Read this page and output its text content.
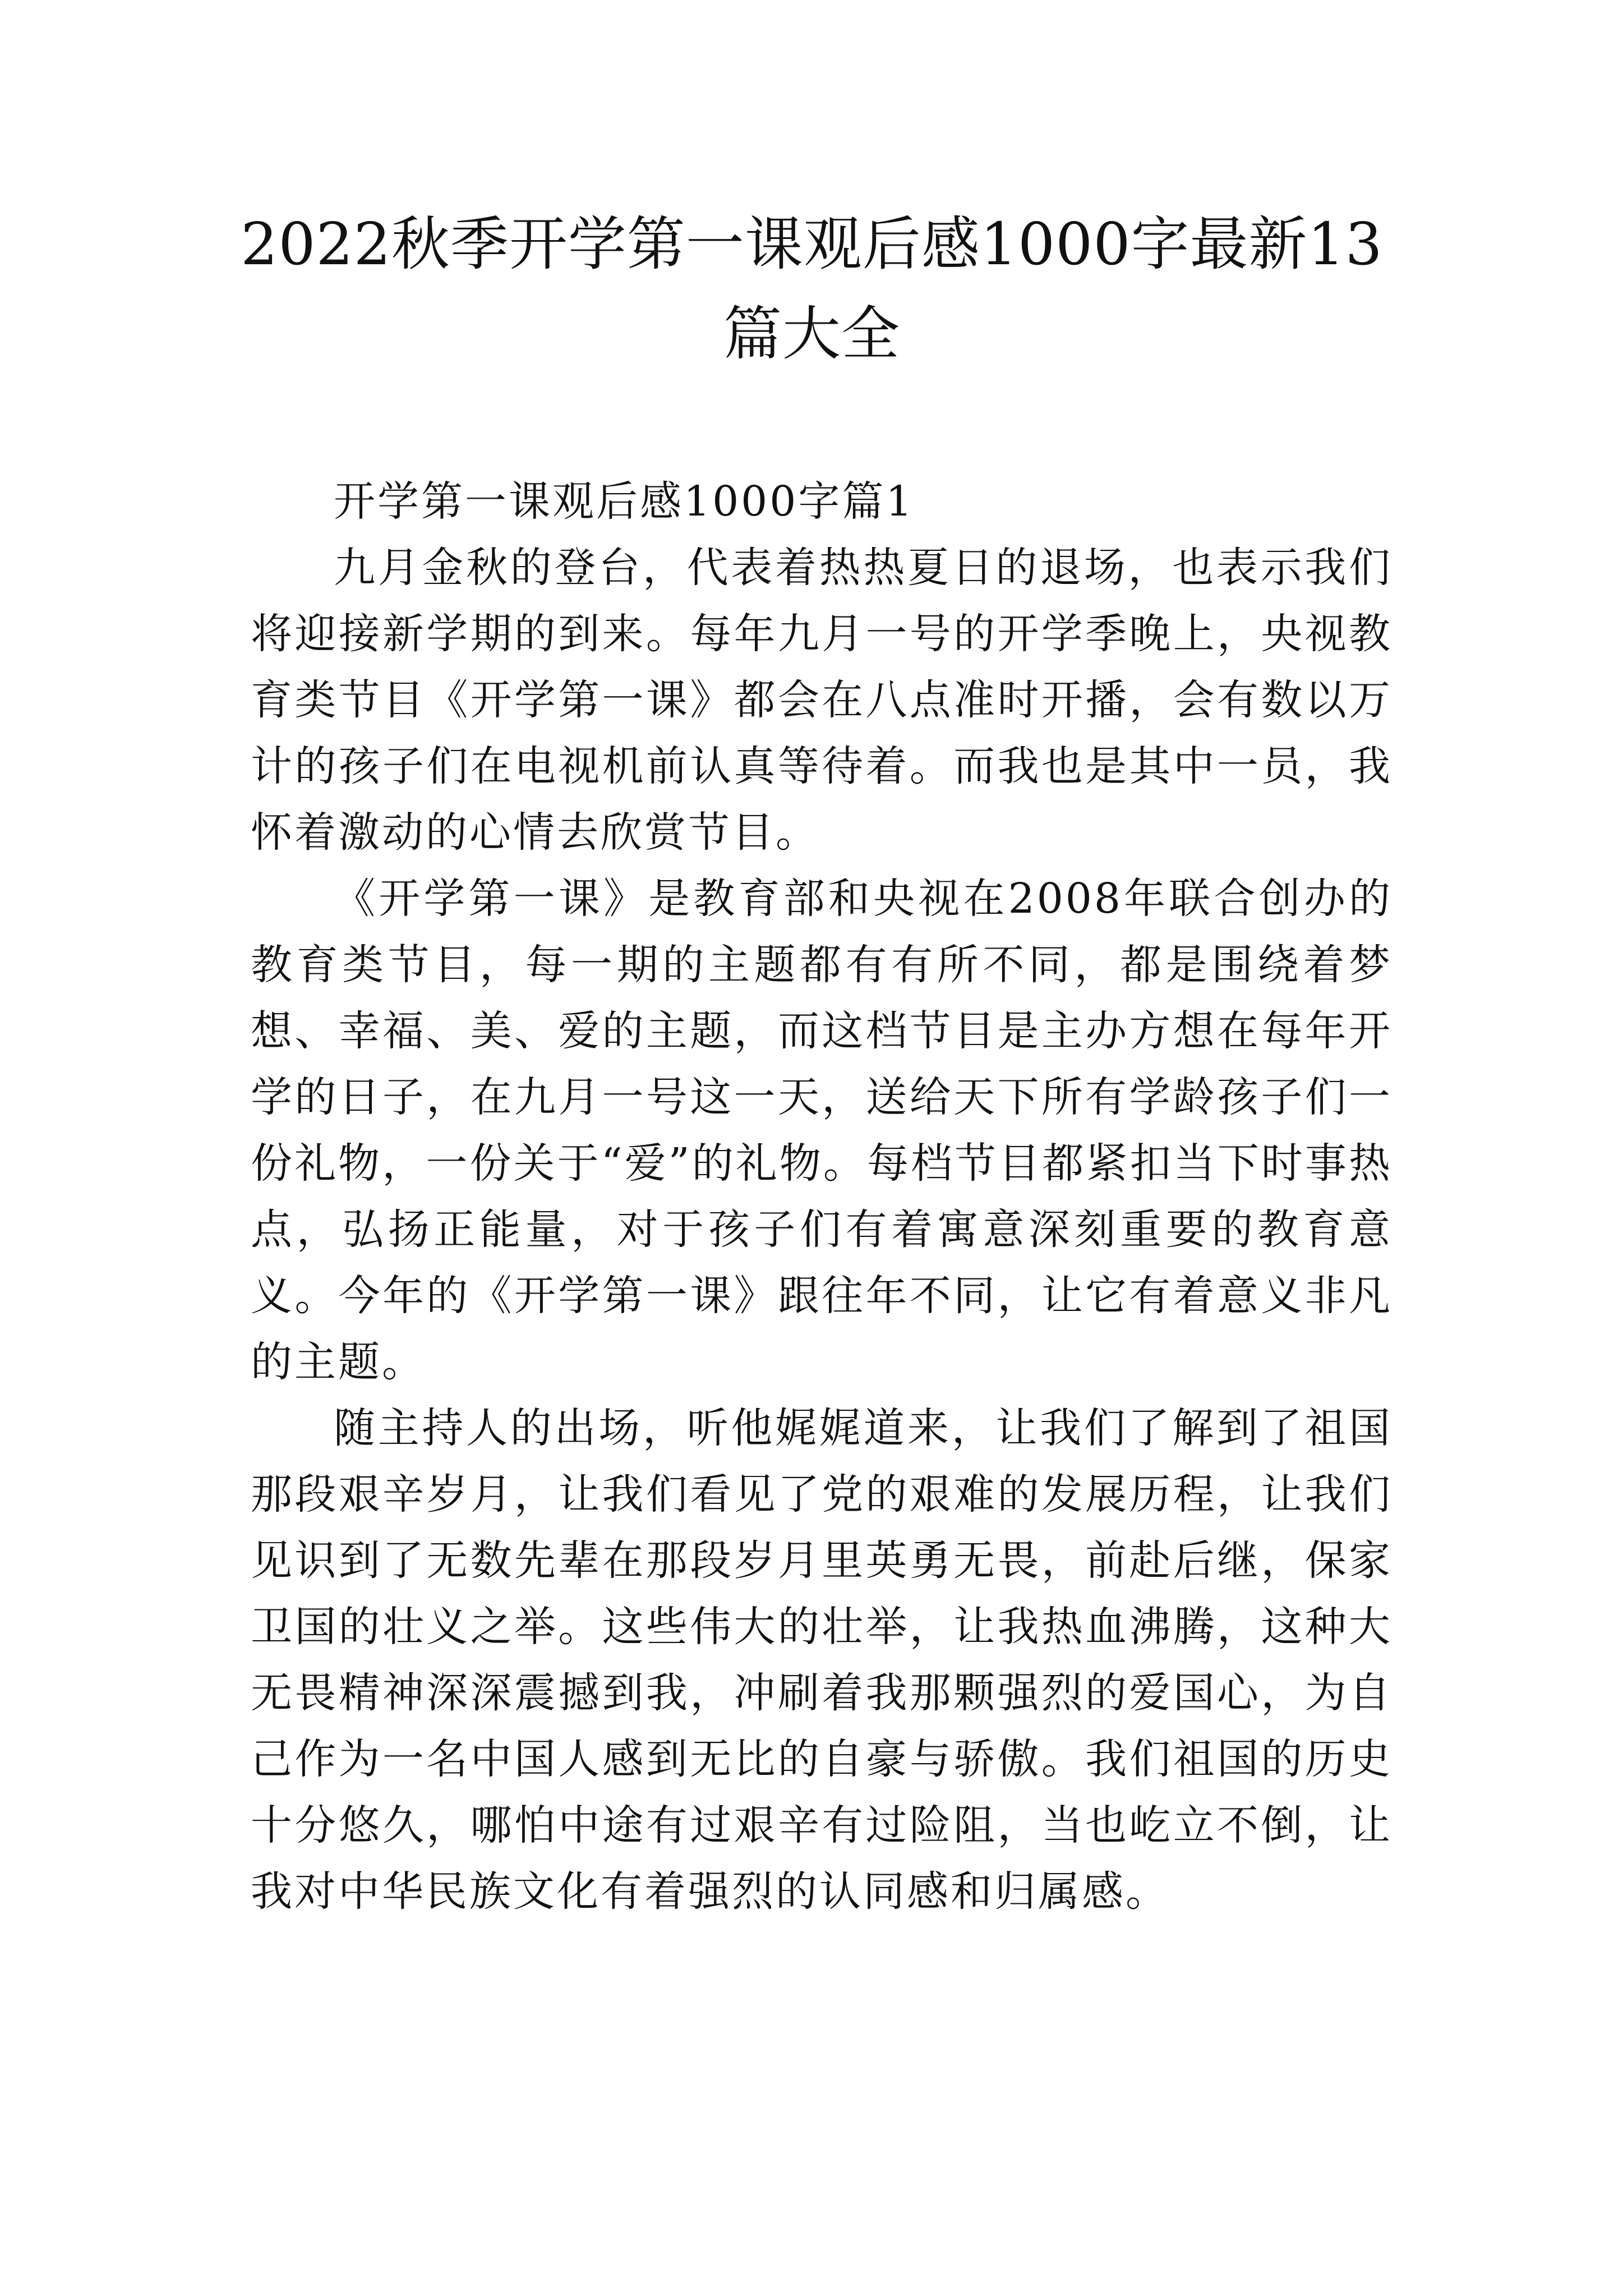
2022秋季开学第一课观后感1000字最新13篇大全

开学第一课观后感1000字篇1

九月金秋的登台，代表着热热夏日的退场，也表示我们将迎接新学期的到来。每年九月一号的开学季晚上，央视教育类节目《开学第一课》都会在八点准时开播，会有数以万计的孩子们在电视机前认真等待着。而我也是其中一员，我怀着激动的心情去欣赏节目。

《开学第一课》是教育部和央视在2008年联合创办的教育类节目，每一期的主题都有有所不同，都是围绕着梦想、幸福、美、爱的主题，而这档节目是主办方想在每年开学的日子，在九月一号这一天，送给天下所有学龄孩子们一份礼物，一份关于“爱”的礼物。每档节目都紧扣当下时事热点，弘扬正能量，对于孩子们有着寓意深刻重要的教育意义。今年的《开学第一课》跟往年不同，让它有着意义非凡的主题。

随主持人的出场，听他娓娓道来，让我们了解到了祖国那段艰辛岁月，让我们看见了党的艰难的发展历程，让我们见识到了无数先辈在那段岁月里英勇无畏，前赴后继，保家卫国的壮义之举。这些伟大的壮举，让我热血沸腾，这种大无畏精神深深震撼到我，冲刷着我那颗强烈的爱国心，为自己作为一名中国人感到无比的自豪与骄傲。我们祖国的历史十分悠久，哪怕中途有过艰辛有过险阻，当也屹立不倒，让我对中华民族文化有着强烈的认同感和归属感。
